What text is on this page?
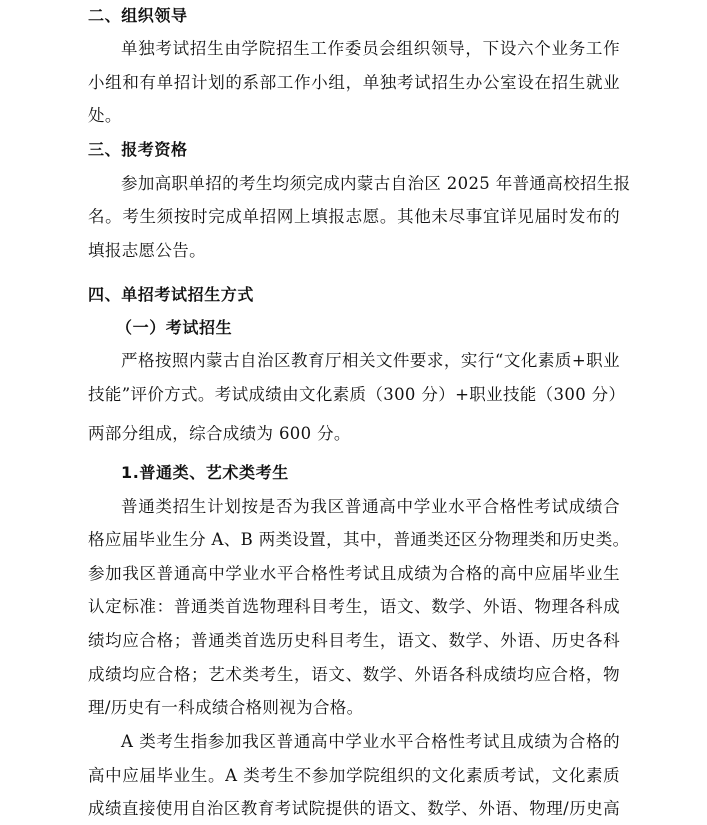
二、组织领导
单独考试招生由学院招生工作委员会组织领导，下设六个业务工作
小组和有单招计划的系部工作小组，单独考试招生办公室设在招生就业
处。
三、报考资格
参加高职单招的考生均须完成内蒙古自治区 2025 年普通高校招生报
名。考生须按时完成单招网上填报志愿。其他未尽事宜详见届时发布的
填报志愿公告。
四、单招考试招生方式
（一）考试招生
严格按照内蒙古自治区教育厅相关文件要求，实行“文化素质+职业
技能”评价方式。考试成绩由文化素质（300 分）+职业技能（300 分）
两部分组成，综合成绩为 600 分。
1.普通类、艺术类考生
普通类招生计划按是否为我区普通高中学业水平合格性考试成绩合
格应届毕业生分 A、B 两类设置，其中，普通类还区分物理类和历史类。
参加我区普通高中学业水平合格性考试且成绩为合格的高中应届毕业生
认定标准：普通类首选物理科目考生，语文、数学、外语、物理各科成
绩均应合格；普通类首选历史科目考生，语文、数学、外语、历史各科
成绩均应合格；艺术类考生，语文、数学、外语各科成绩均应合格，物
理/历史有一科成绩合格则视为合格。
A 类考生指参加我区普通高中学业水平合格性考试且成绩为合格的
高中应届毕业生。A 类考生不参加学院组织的文化素质考试，文化素质
成绩直接使用自治区教育考试院提供的语文、数学、外语、物理/历史高
